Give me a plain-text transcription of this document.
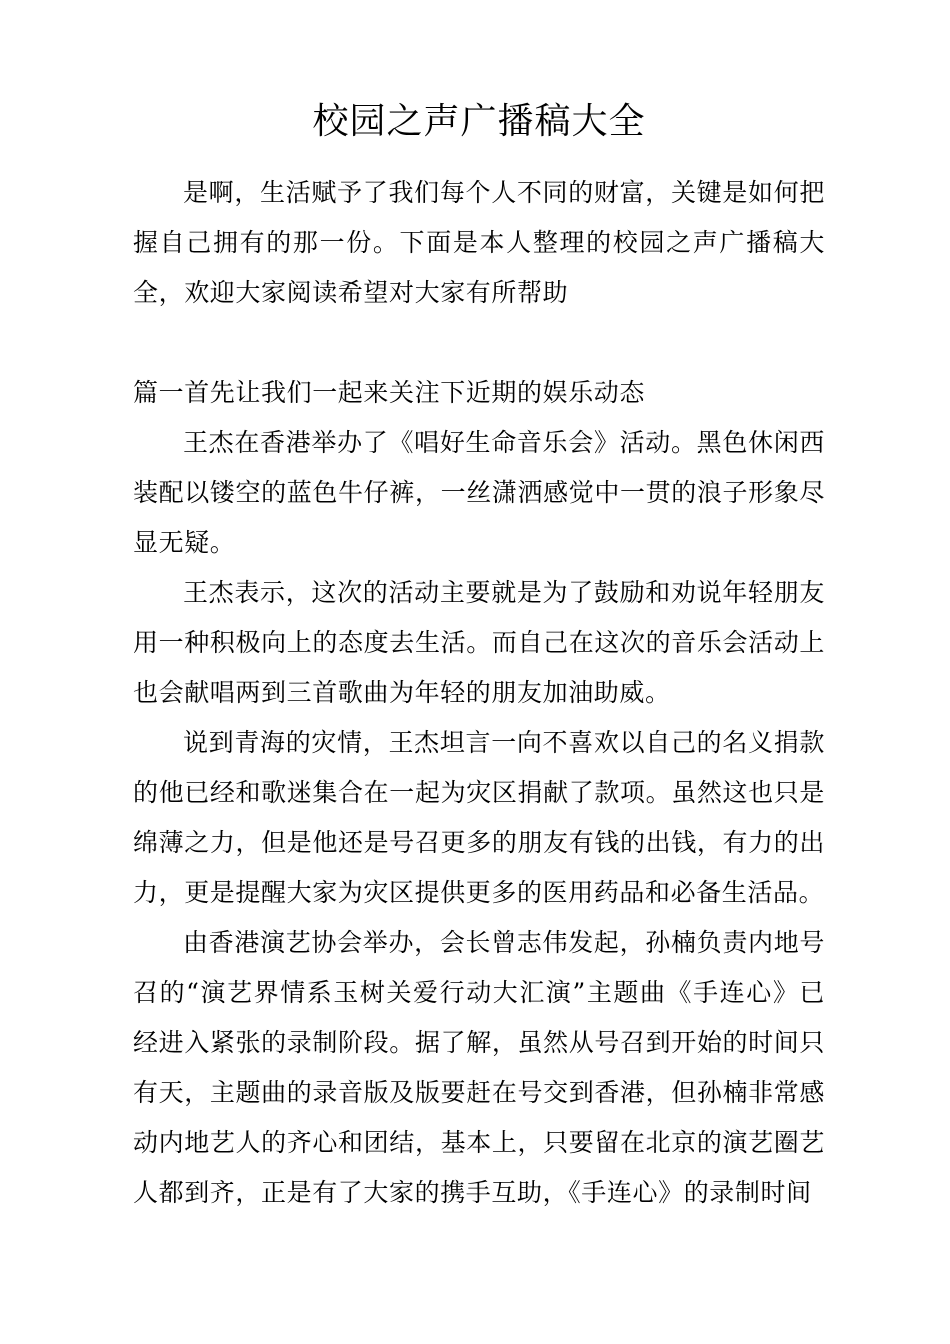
校园之声广播稿大全

是啊，生活赋予了我们每个人不同的财富，关键是如何把握自己拥有的那一份。下面是本人整理的校园之声广播稿大全，欢迎大家阅读希望对大家有所帮助

篇一首先让我们一起来关注下近期的娱乐动态

王杰在香港举办了《唱好生命音乐会》活动。黑色休闲西装配以镂空的蓝色牛仔裤，一丝潇洒感觉中一贯的浪子形象尽显无疑。

王杰表示，这次的活动主要就是为了鼓励和劝说年轻朋友用一种积极向上的态度去生活。而自己在这次的音乐会活动上也会献唱两到三首歌曲为年轻的朋友加油助威。

说到青海的灾情，王杰坦言一向不喜欢以自己的名义捐款的他已经和歌迷集合在一起为灾区捐献了款项。虽然这也只是绵薄之力，但是他还是号召更多的朋友有钱的出钱，有力的出力，更是提醒大家为灾区提供更多的医用药品和必备生活品。

由香港演艺协会举办，会长曾志伟发起，孙楠负责内地号召的“演艺界情系玉树关爱行动大汇演”主题曲《手连心》已经进入紧张的录制阶段。据了解，虽然从号召到开始的时间只有天，主题曲的录音版及版要赶在号交到香港，但孙楠非常感动内地艺人的齐心和团结，基本上，只要留在北京的演艺圈艺人都到齐，正是有了大家的携手互助，《手连心》的录制时间
